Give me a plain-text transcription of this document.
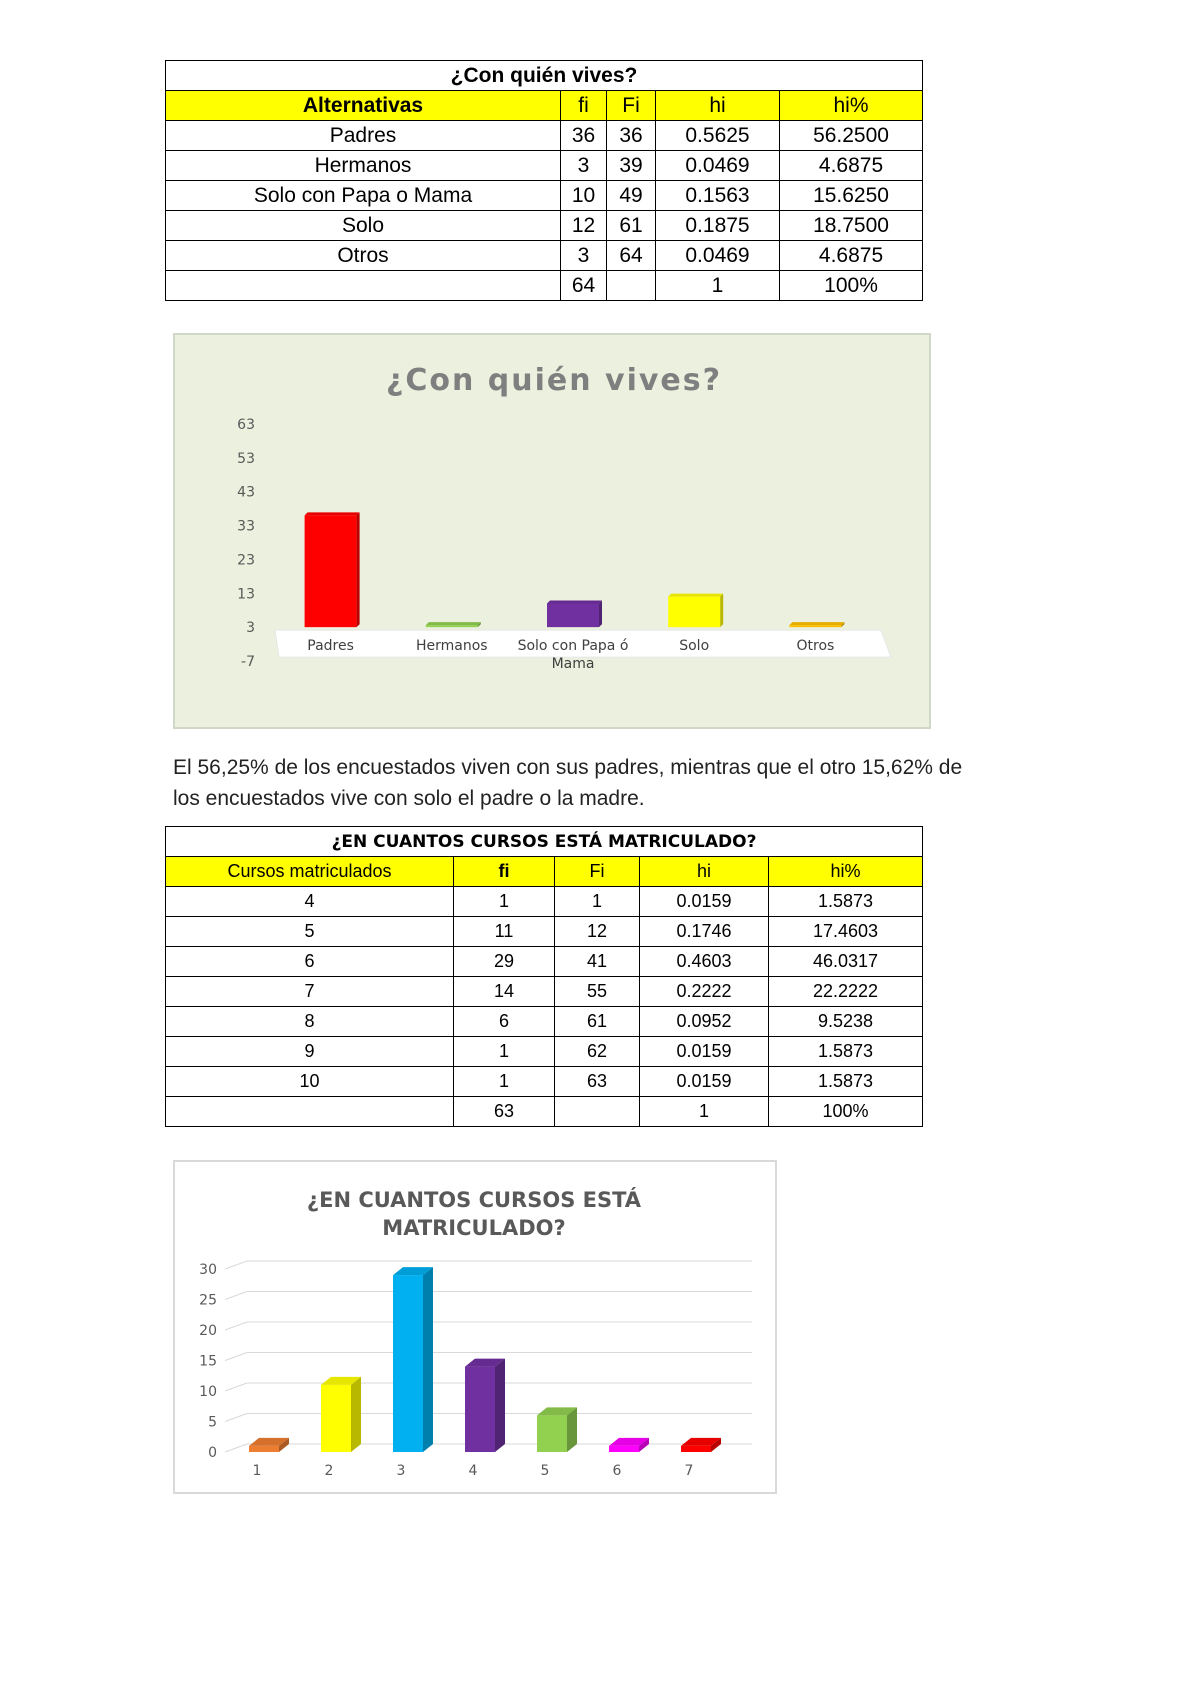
¿Con quién vives?				
Alternativas	fi	Fi	hi	hi%
Padres	36	36	0.5625	56.2500
Hermanos	3	39	0.0469	4.6875
Solo con Papa o Mama	10	49	0.1563	15.6250
Solo	12	61	0.1875	18.7500
Otros	3	64	0.0469	4.6875
	64		1	100%
¿Con quién vives?
-7
3
13
23
33
43
53
63
Padres	Hermanos Solo con Papa ó
Mama
Solo	Otros
El 56,25% de los encuestados viven con sus padres, mientras que el otro 15,62% de los encuestados vive con solo el padre o la madre.
¿EN CUANTOS CURSOS ESTÁ MATRICULADO?				
Cursos matriculados	fi	Fi	hi	hi%
4	1	1	0.0159	1.5873
5	11	12	0.1746	17.4603
6	29	41	0.4603	46.0317
7	14	55	0.2222	22.2222
8	6	61	0.0952	9.5238
9	1	62	0.0159	1.5873
10	1	63	0.0159	1.5873
	63		1	100%
¿EN CUANTOS CURSOS ESTÁ
MATRICULADO?
0
5
10
15
20
25
30
1	2	3	4	5	6	7
